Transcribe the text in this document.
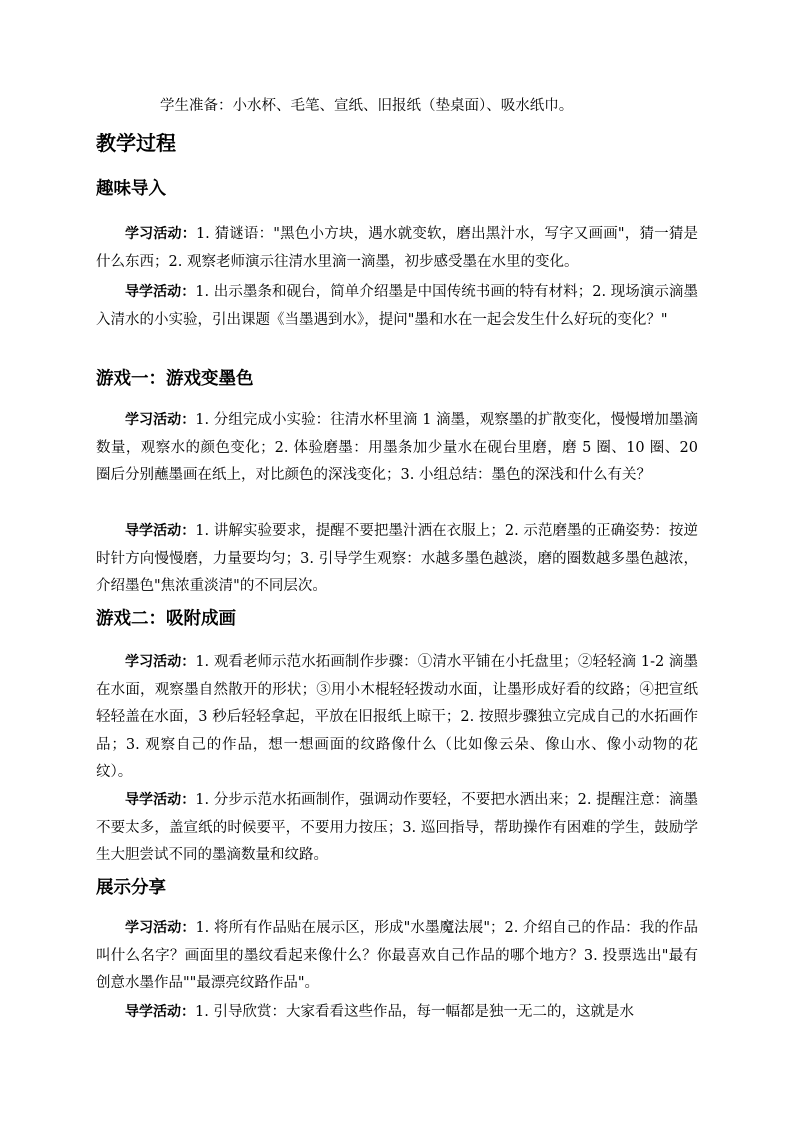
学生准备：小水杯、毛笔、宣纸、旧报纸（垫桌面）、吸水纸巾。

教学过程
趣味导入

学习活动：1. 猜谜语："黑色小方块，遇水就变软，磨出黑汁水，写字又画画"，猜一猜是什么东西；2. 观察老师演示往清水里滴一滴墨，初步感受墨在水里的变化。

导学活动：1. 出示墨条和砚台，简单介绍墨是中国传统书画的特有材料；2. 现场演示滴墨入清水的小实验，引出课题《当墨遇到水》，提问"墨和水在一起会发生什么好玩的变化？"

游戏一：游戏变墨色

学习活动：1. 分组完成小实验：往清水杯里滴 1 滴墨，观察墨的扩散变化，慢慢增加墨滴数量，观察水的颜色变化；2. 体验磨墨：用墨条加少量水在砚台里磨，磨 5 圈、10 圈、20 圈后分别蘸墨画在纸上，对比颜色的深浅变化；3. 小组总结：墨色的深浅和什么有关？

导学活动：1. 讲解实验要求，提醒不要把墨汁洒在衣服上；2. 示范磨墨的正确姿势：按逆时针方向慢慢磨，力量要均匀；3. 引导学生观察：水越多墨色越淡，磨的圈数越多墨色越浓，介绍墨色"焦浓重淡清"的不同层次。

游戏二：吸附成画

学习活动：1. 观看老师示范水拓画制作步骤：①清水平铺在小托盘里；②轻轻滴 1-2 滴墨在水面，观察墨自然散开的形状；③用小木棍轻轻拨动水面，让墨形成好看的纹路；④把宣纸轻轻盖在水面，3 秒后轻轻拿起，平放在旧报纸上晾干；2. 按照步骤独立完成自己的水拓画作品；3. 观察自己的作品，想一想画面的纹路像什么（比如像云朵、像山水、像小动物的花纹）。

导学活动：1. 分步示范水拓画制作，强调动作要轻，不要把水洒出来；2. 提醒注意：滴墨不要太多，盖宣纸的时候要平，不要用力按压；3. 巡回指导，帮助操作有困难的学生，鼓励学生大胆尝试不同的墨滴数量和纹路。

展示分享

学习活动：1. 将所有作品贴在展示区，形成"水墨魔法展"；2. 介绍自己的作品：我的作品叫什么名字？画面里的墨纹看起来像什么？你最喜欢自己作品的哪个地方？3. 投票选出"最有创意水墨作品""最漂亮纹路作品"。

导学活动：1. 引导欣赏：大家看看这些作品，每一幅都是独一无二的，这就是水
